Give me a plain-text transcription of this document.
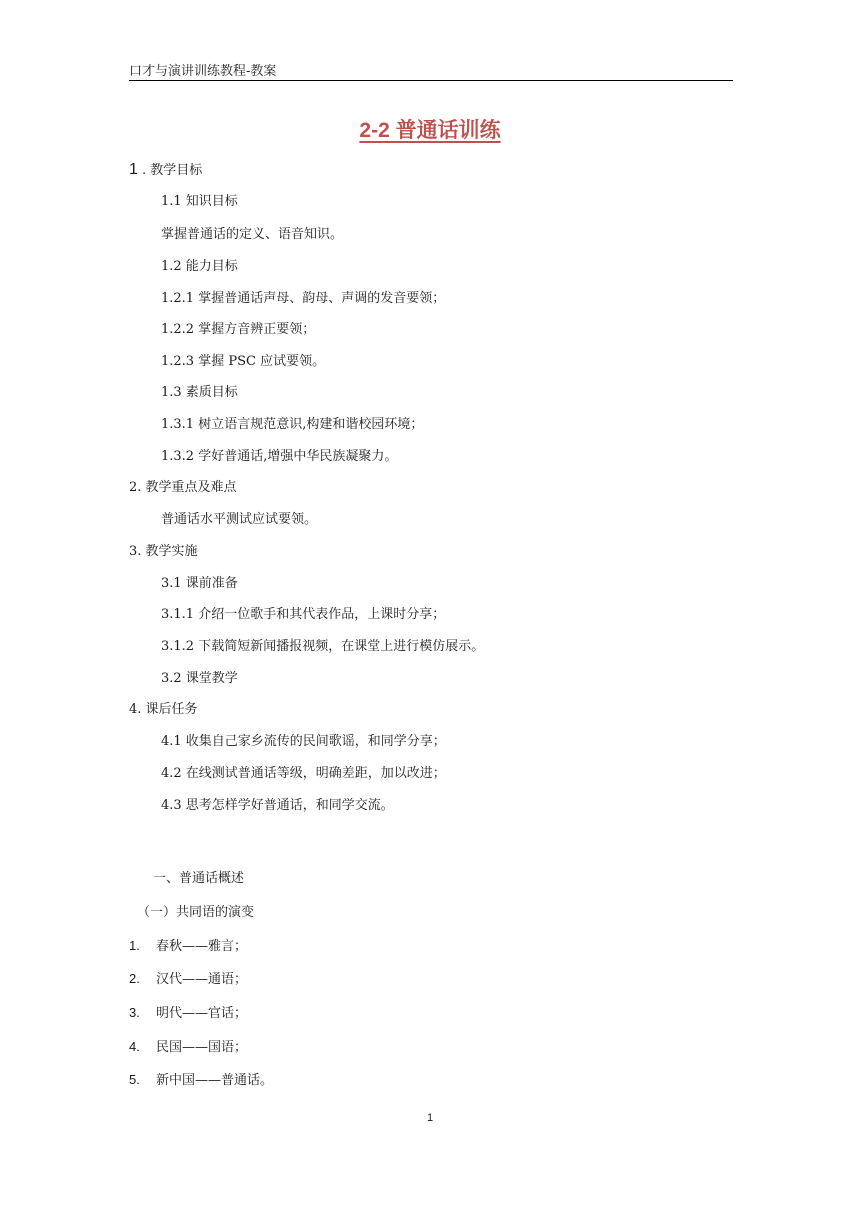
口才与演讲训练教程-教案
2-2 普通话训练
1 . 教学目标
1.1 知识目标
掌握普通话的定义、语音知识。
1.2 能力目标
1.2.1 掌握普通话声母、韵母、声调的发音要领；
1.2.2 掌握方音辨正要领；
1.2.3 掌握 PSC 应试要领。
1.3 素质目标
1.3.1 树立语言规范意识,构建和谐校园环境；
1.3.2 学好普通话,增强中华民族凝聚力。
2. 教学重点及难点
普通话水平测试应试要领。
3. 教学实施
3.1 课前准备
3.1.1 介绍一位歌手和其代表作品，上课时分享；
3.1.2 下载简短新闻播报视频，在课堂上进行模仿展示。
3.2 课堂教学
4. 课后任务
4.1 收集自己家乡流传的民间歌谣，和同学分享；
4.2 在线测试普通话等级，明确差距，加以改进；
4.3 思考怎样学好普通话，和同学交流。
一、普通话概述
（一）共同语的演变
1. 春秋——雅言；
2. 汉代——通语；
3. 明代——官话；
4. 民国——国语；
5. 新中国——普通话。
1
